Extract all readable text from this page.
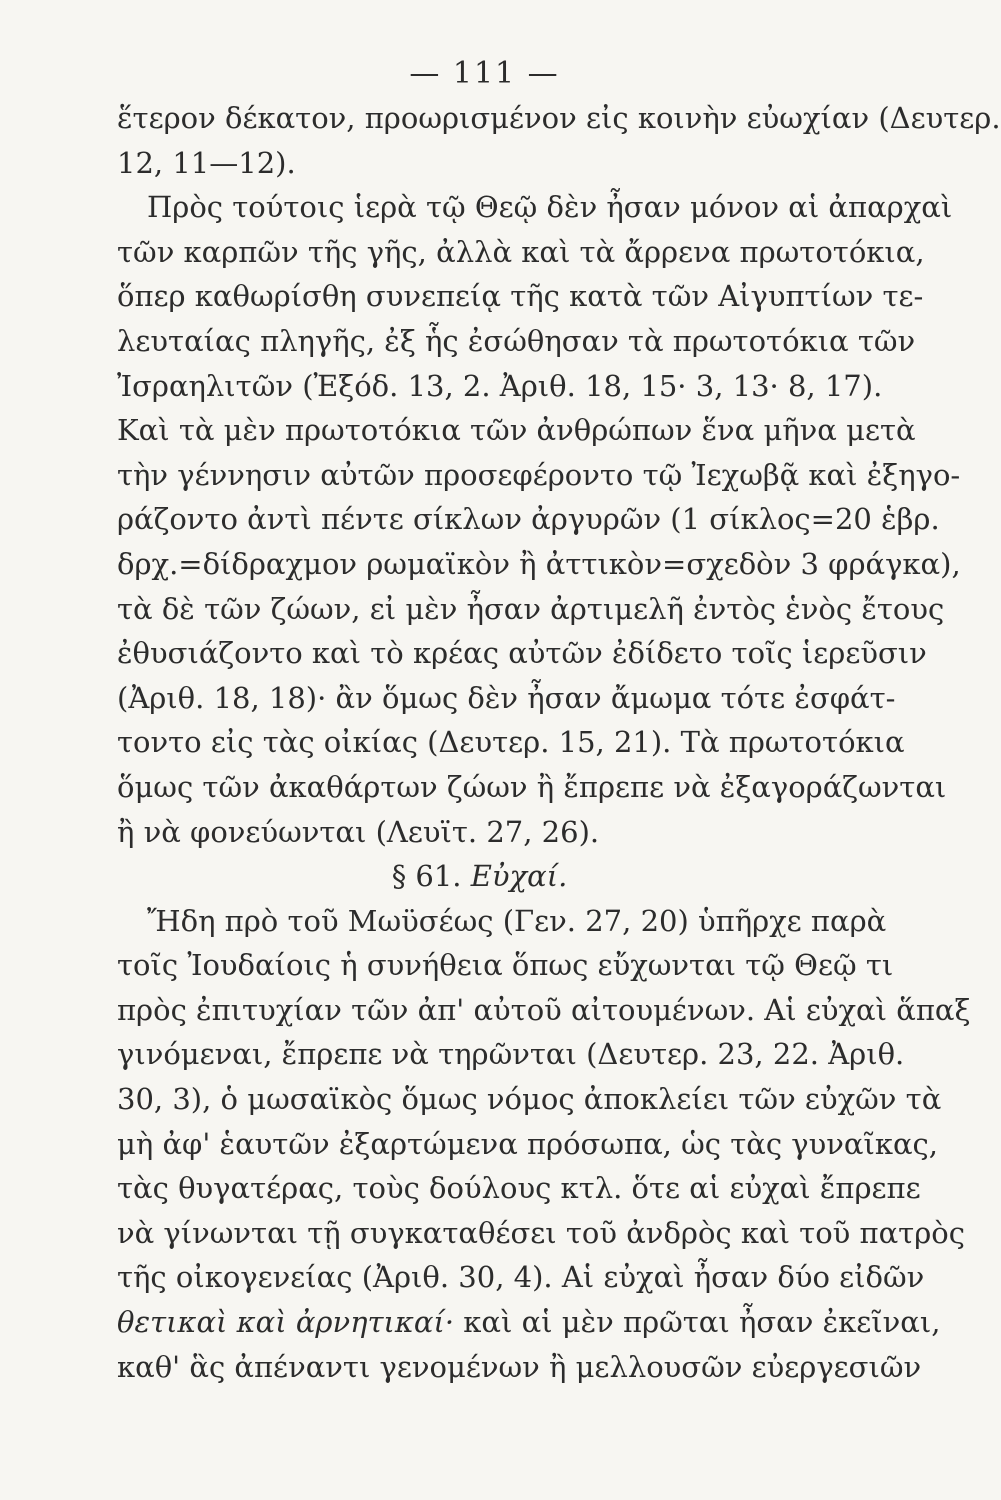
— 111 —
ἕτερον δέκατον, προωρισμένον εἰς κοινὴν εὐωχίαν (Δευτερ.
12, 11—12).
Πρὸς τούτοις ἱερὰ τῷ Θεῷ δὲν ἦσαν μόνον αἱ ἀπαρχαὶ
τῶν καρπῶν τῆς γῆς, ἀλλὰ καὶ τὰ ἄρρενα πρωτοτόκια,
ὅπερ καθωρίσθη συνεπείᾳ τῆς κατὰ τῶν Αἰγυπτίων τε-
λευταίας πληγῆς, ἐξ ἧς ἐσώθησαν τὰ πρωτοτόκια τῶν
Ἰσραηλιτῶν (Ἐξόδ. 13, 2. Ἀριθ. 18, 15· 3, 13· 8, 17).
Καὶ τὰ μὲν πρωτοτόκια τῶν ἀνθρώπων ἕνα μῆνα μετὰ
τὴν γέννησιν αὐτῶν προσεφέροντο τῷ Ἰεχωβᾷ καὶ ἐξηγο-
ράζοντο ἀντὶ πέντε σίκλων ἀργυρῶν (1 σίκλος=20 ἑβρ.
δρχ.=δίδραχμον ρωμαϊκὸν ἢ ἀττικὸν=σχεδὸν 3 φράγκα),
τὰ δὲ τῶν ζώων, εἰ μὲν ἦσαν ἀρτιμελῆ ἐντὸς ἑνὸς ἔτους
ἐθυσιάζοντο καὶ τὸ κρέας αὐτῶν ἐδίδετο τοῖς ἱερεῦσιν
(Ἀριθ. 18, 18)· ἂν ὅμως δὲν ἦσαν ἄμωμα τότε ἐσφάτ-
τοντο εἰς τὰς οἰκίας (Δευτερ. 15, 21). Τὰ πρωτοτόκια
ὅμως τῶν ἀκαθάρτων ζώων ἢ ἔπρεπε νὰ ἐξαγοράζωνται
ἢ νὰ φονεύωνται (Λευϊτ. 27, 26).
§ 61. Εὐχαί.
Ἤδη πρὸ τοῦ Μωϋσέως (Γεν. 27, 20) ὑπῆρχε παρὰ
τοῖς Ἰουδαίοις ἡ συνήθεια ὅπως εὔχωνται τῷ Θεῷ τι
πρὸς ἐπιτυχίαν τῶν ἀπ' αὐτοῦ αἰτουμένων. Αἱ εὐχαὶ ἅπαξ
γινόμεναι, ἔπρεπε νὰ τηρῶνται (Δευτερ. 23, 22. Ἀριθ.
30, 3), ὁ μωσαϊκὸς ὅμως νόμος ἀποκλείει τῶν εὐχῶν τὰ
μὴ ἀφ' ἑαυτῶν ἐξαρτώμενα πρόσωπα, ὡς τὰς γυναῖκας,
τὰς θυγατέρας, τοὺς δούλους κτλ. ὅτε αἱ εὐχαὶ ἔπρεπε
νὰ γίνωνται τῇ συγκαταθέσει τοῦ ἀνδρὸς καὶ τοῦ πατρὸς
τῆς οἰκογενείας (Ἀριθ. 30, 4). Αἱ εὐχαὶ ἦσαν δύο εἰδῶν
θετικαὶ καὶ ἀρνητικαί· καὶ αἱ μὲν πρῶται ἦσαν ἐκεῖναι,
καθ' ἃς ἀπέναντι γενομένων ἢ μελλουσῶν εὐεργεσιῶν
